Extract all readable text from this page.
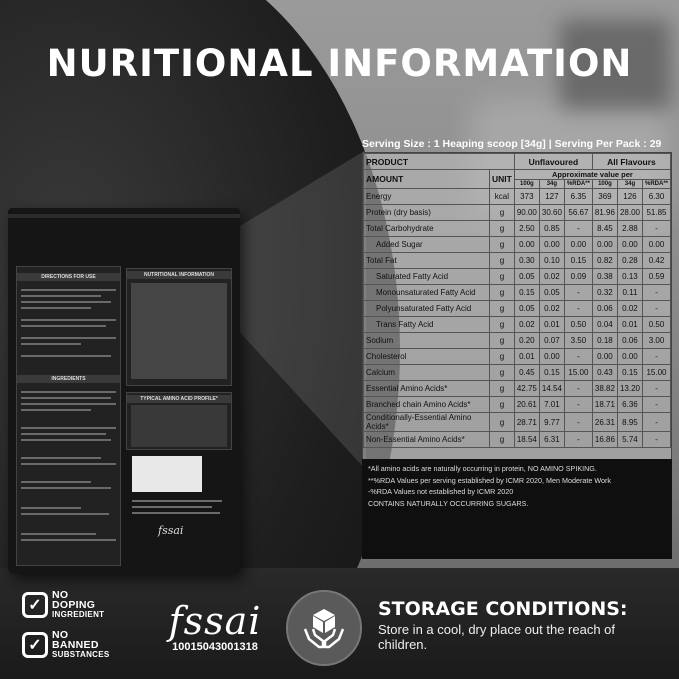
NURITIONAL INFORMATION
DIRECTIONS FOR USE
INGREDIENTS
NUTRITIONAL INFORMATION
TYPICAL AMINO ACID PROFILE*
fssai
Serving Size : 1 Heaping scoop [34g] | Serving Per Pack : 29
PRODUCT		Unflavoured			All Flavours		
AMOUNT	UNIT	Approximate value per					
		100g	34g	%RDA**	100g	34g	%RDA**
Energy	kcal	373	127	6.35	369	126	6.30
Protein (dry basis)	g	90.00	30.60	56.67	81.96	28.00	51.85
Total Carbohydrate	g	2.50	0.85	-	8.45	2.88	-
Added Sugar	g	0.00	0.00	0.00	0.00	0.00	0.00
Total Fat	g	0.30	0.10	0.15	0.82	0.28	0.42
Saturated Fatty Acid	g	0.05	0.02	0.09	0.38	0.13	0.59
Monounsaturated Fatty Acid	g	0.15	0.05	-	0.32	0.11	-
Polyunsaturated Fatty Acid	g	0.05	0.02	-	0.06	0.02	-
Trans Fatty Acid	g	0.02	0.01	0.50	0.04	0.01	0.50
Sodium	g	0.20	0.07	3.50	0.18	0.06	3.00
Cholesterol	g	0.01	0.00	-	0.00	0.00	-
Calcium	g	0.45	0.15	15.00	0.43	0.15	15.00
Essential Amino Acids*	g	42.75	14.54	-	38.82	13.20	-
Branched chain Amino Acids*	g	20.61	7.01	-	18.71	6.36	-
Conditionally-Essential Amino Acids*	g	28.71	9.77	-	26.31	8.95	-
Non-Essential Amino Acids*	g	18.54	6.31	-	16.86	5.74	-
*All amino acids are naturally occurring in protein, NO AMINO SPIKING.
**%RDA Values per serving established by ICMR 2020, Men Moderate Work
-%RDA Values not established by ICMR 2020
CONTAINS NATURALLY OCCURRING SUGARS.
✓
NO
DOPING
INGREDIENT
✓
NO
BANNED
SUBSTANCES
fssai
10015043001318
STORAGE CONDITIONS:
Store in a cool, dry place out the reach of children.
